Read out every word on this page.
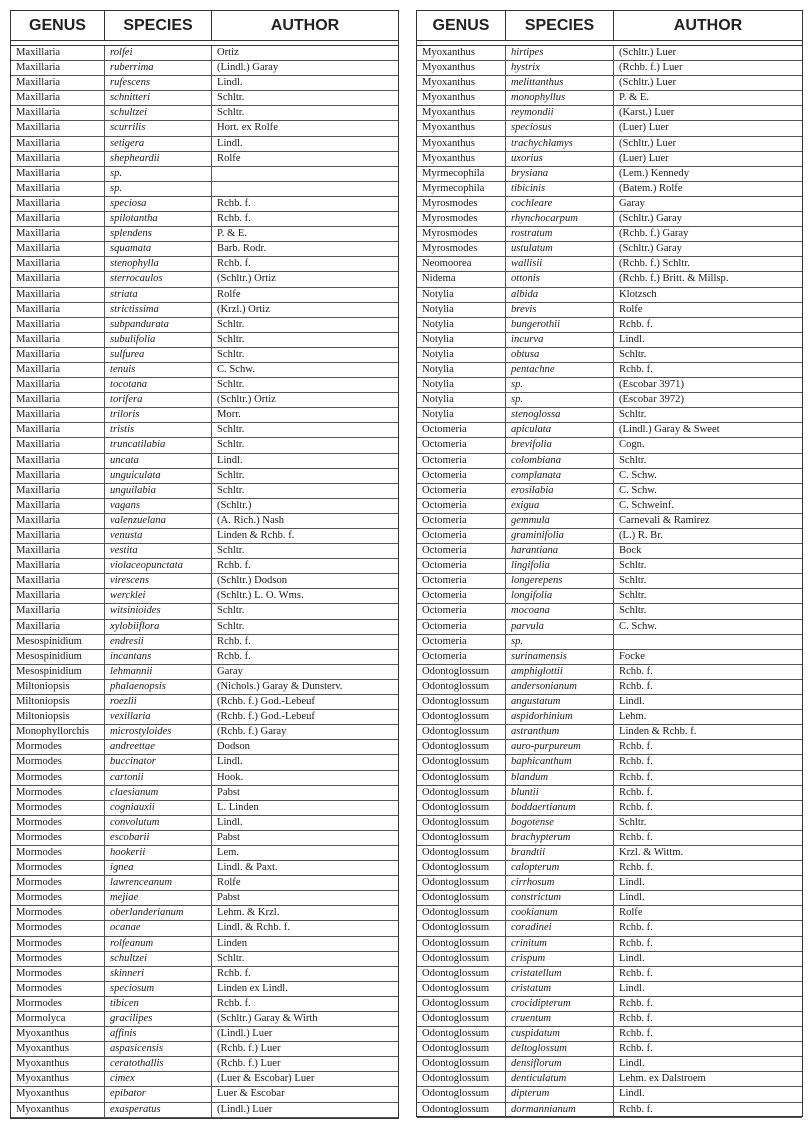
GENUS	SPECIES	AUTHOR
Maxillaria	rolfei	Ortiz
Maxillaria	ruberrima	(Lindl.) Garay
Maxillaria	rufescens	Lindl.
Maxillaria	schnitteri	Schltr.
Maxillaria	schultzei	Schltr.
Maxillaria	scurrilis	Hort. ex Rolfe
Maxillaria	setigera	Lindl.
Maxillaria	shepheardii	Rolfe
Maxillaria	sp.
Maxillaria	sp.
Maxillaria	speciosa	Rchb. f.
Maxillaria	spilotantha	Rchb. f.
Maxillaria	splendens	P. & E.
Maxillaria	squamata	Barb. Rodr.
Maxillaria	stenophylla	Rchb. f.
Maxillaria	sterrocaulos	(Schltr.) Ortiz
Maxillaria	striata	Rolfe
Maxillaria	strictissima	(Krzl.) Ortiz
Maxillaria	subpandurata	Schltr.
Maxillaria	subulifolia	Schltr.
Maxillaria	sulfurea	Schltr.
Maxillaria	tenuis	C. Schw.
Maxillaria	tocotana	Schltr.
Maxillaria	torifera	(Schltr.) Ortiz
Maxillaria	triloris	Morr.
Maxillaria	tristis	Schltr.
Maxillaria	truncatilabia	Schltr.
Maxillaria	uncata	Lindl.
Maxillaria	unguiculata	Schltr.
Maxillaria	unguilabia	Schltr.
Maxillaria	vagans	(Schltr.)
Maxillaria	valenzuelana	(A. Rich.) Nash
Maxillaria	venusta	Linden & Rchb. f.
Maxillaria	vestita	Schltr.
Maxillaria	violaceopunctata	Rchb. f.
Maxillaria	virescens	(Schltr.) Dodson
Maxillaria	wercklei	(Schltr.) L. O. Wms.
Maxillaria	witsinioides	Schltr.
Maxillaria	xylobiiflora	Schltr.
Mesospinidium	endresii	Rchb. f.
Mesospinidium	incantans	Rchb. f.
Mesospinidium	lehmannii	Garay
Miltoniopsis	phalaenopsis	(Nichols.) Garay & Dunsterv.
Miltoniopsis	roezlii	(Rchb. f.) God.-Lebeuf
Miltoniopsis	vexillaria	(Rchb. f.) God.-Lebeuf
Monophyllorchis	microstyloides	(Rchb. f.) Garay
Mormodes	andreettae	Dodson
Mormodes	buccinator	Lindl.
Mormodes	cartonii	Hook.
Mormodes	claesianum	Pabst
Mormodes	cogniauxii	L. Linden
Mormodes	convolutum	Lindl.
Mormodes	escobarii	Pabst
Mormodes	hookerii	Lem.
Mormodes	ignea	Lindl. & Paxt.
Mormodes	lawrenceanum	Rolfe
Mormodes	mejiae	Pabst
Mormodes	oberlanderianum	Lehm. & Krzl.
Mormodes	ocanae	Lindl. & Rchb. f.
Mormodes	rolfeanum	Linden
Mormodes	schultzei	Schltr.
Mormodes	skinneri	Rchb. f.
Mormodes	speciosum	Linden ex Lindl.
Mormodes	tibicen	Rchb. f.
Mormolyca	gracilipes	(Schltr.) Garay & Wirth
Myoxanthus	affinis	(Lindl.) Luer
Myoxanthus	aspasicensis	(Rchb. f.) Luer
Myoxanthus	ceratothallis	(Rchb. f.) Luer
Myoxanthus	cimex	(Luer & Escobar) Luer
Myoxanthus	epibator	Luer & Escobar
Myoxanthus	exasperatus	(Lindl.) Luer
GENUS	SPECIES	AUTHOR
Myoxanthus	hirtipes	(Schltr.) Luer
Myoxanthus	hystrix	(Rchb. f.) Luer
Myoxanthus	melittanthus	(Schltr.) Luer
Myoxanthus	monophyllus	P. & E.
Myoxanthus	reymondii	(Karst.) Luer
Myoxanthus	speciosus	(Luer) Luer
Myoxanthus	trachychlamys	(Schltr.) Luer
Myoxanthus	uxorius	(Luer) Luer
Myrmecophila	brysiana	(Lem.) Kennedy
Myrmecophila	tibicinis	(Batem.) Rolfe
Myrosmodes	cochleare	Garay
Myrosmodes	rhynchocarpum	(Schltr.) Garay
Myrosmodes	rostratum	(Rchb. f.) Garay
Myrosmodes	ustulatum	(Schltr.) Garay
Neomoorea	wallisii	(Rchb. f.) Schltr.
Nidema	ottonis	(Rchb. f.) Britt. & Millsp.
Notylia	albida	Klotzsch
Notylia	brevis	Rolfe
Notylia	bungerothii	Rchb. f.
Notylia	incurva	Lindl.
Notylia	obtusa	Schltr.
Notylia	pentachne	Rchb. f.
Notylia	sp.	(Escobar 3971)
Notylia	sp.	(Escobar 3972)
Notylia	stenoglossa	Schltr.
Octomeria	apiculata	(Lindl.) Garay & Sweet
Octomeria	brevifolia	Cogn.
Octomeria	colombiana	Schltr.
Octomeria	complanata	C. Schw.
Octomeria	erosilabia	C. Schw.
Octomeria	exigua	C. Schweinf.
Octomeria	gemmula	Carnevali & Ramirez
Octomeria	graminifolia	(L.) R. Br.
Octomeria	harantiana	Bock
Octomeria	lingifolia	Schltr.
Octomeria	longerepens	Schltr.
Octomeria	longifolia	Schltr.
Octomeria	mocoana	Schltr.
Octomeria	parvula	C. Schw.
Octomeria	sp.
Octomeria	surinamensis	Focke
Odontoglossum	amphiglottii	Rchb. f.
Odontoglossum	andersonianum	Rchb. f.
Odontoglossum	angustatum	Lindl.
Odontoglossum	aspidorhinium	Lehm.
Odontoglossum	astranthum	Linden & Rchb. f.
Odontoglossum	auro-purpureum	Rchb. f.
Odontoglossum	baphicanthum	Rchb. f.
Odontoglossum	blandum	Rchb. f.
Odontoglossum	bluntii	Rchb. f.
Odontoglossum	boddaertianum	Rchb. f.
Odontoglossum	bogotense	Schltr.
Odontoglossum	brachypterum	Rchb. f.
Odontoglossum	brandtii	Krzl. & Wittm.
Odontoglossum	calopterum	Rchb. f.
Odontoglossum	cirrhosum	Lindl.
Odontoglossum	constrictum	Lindl.
Odontoglossum	cookianum	Rolfe
Odontoglossum	coradinei	Rchb. f.
Odontoglossum	crinitum	Rchb. f.
Odontoglossum	crispum	Lindl.
Odontoglossum	cristatellum	Rchb. f.
Odontoglossum	cristatum	Lindl.
Odontoglossum	crocidipterum	Rchb. f.
Odontoglossum	cruentum	Rchb. f.
Odontoglossum	cuspidatum	Rchb. f.
Odontoglossum	deltoglossum	Rchb. f.
Odontoglossum	densiflorum	Lindl.
Odontoglossum	denticulatum	Lehm. ex Dalstroem
Odontoglossum	dipterum	Lindl.
Odontoglossum	dormannianum	Rchb. f.
